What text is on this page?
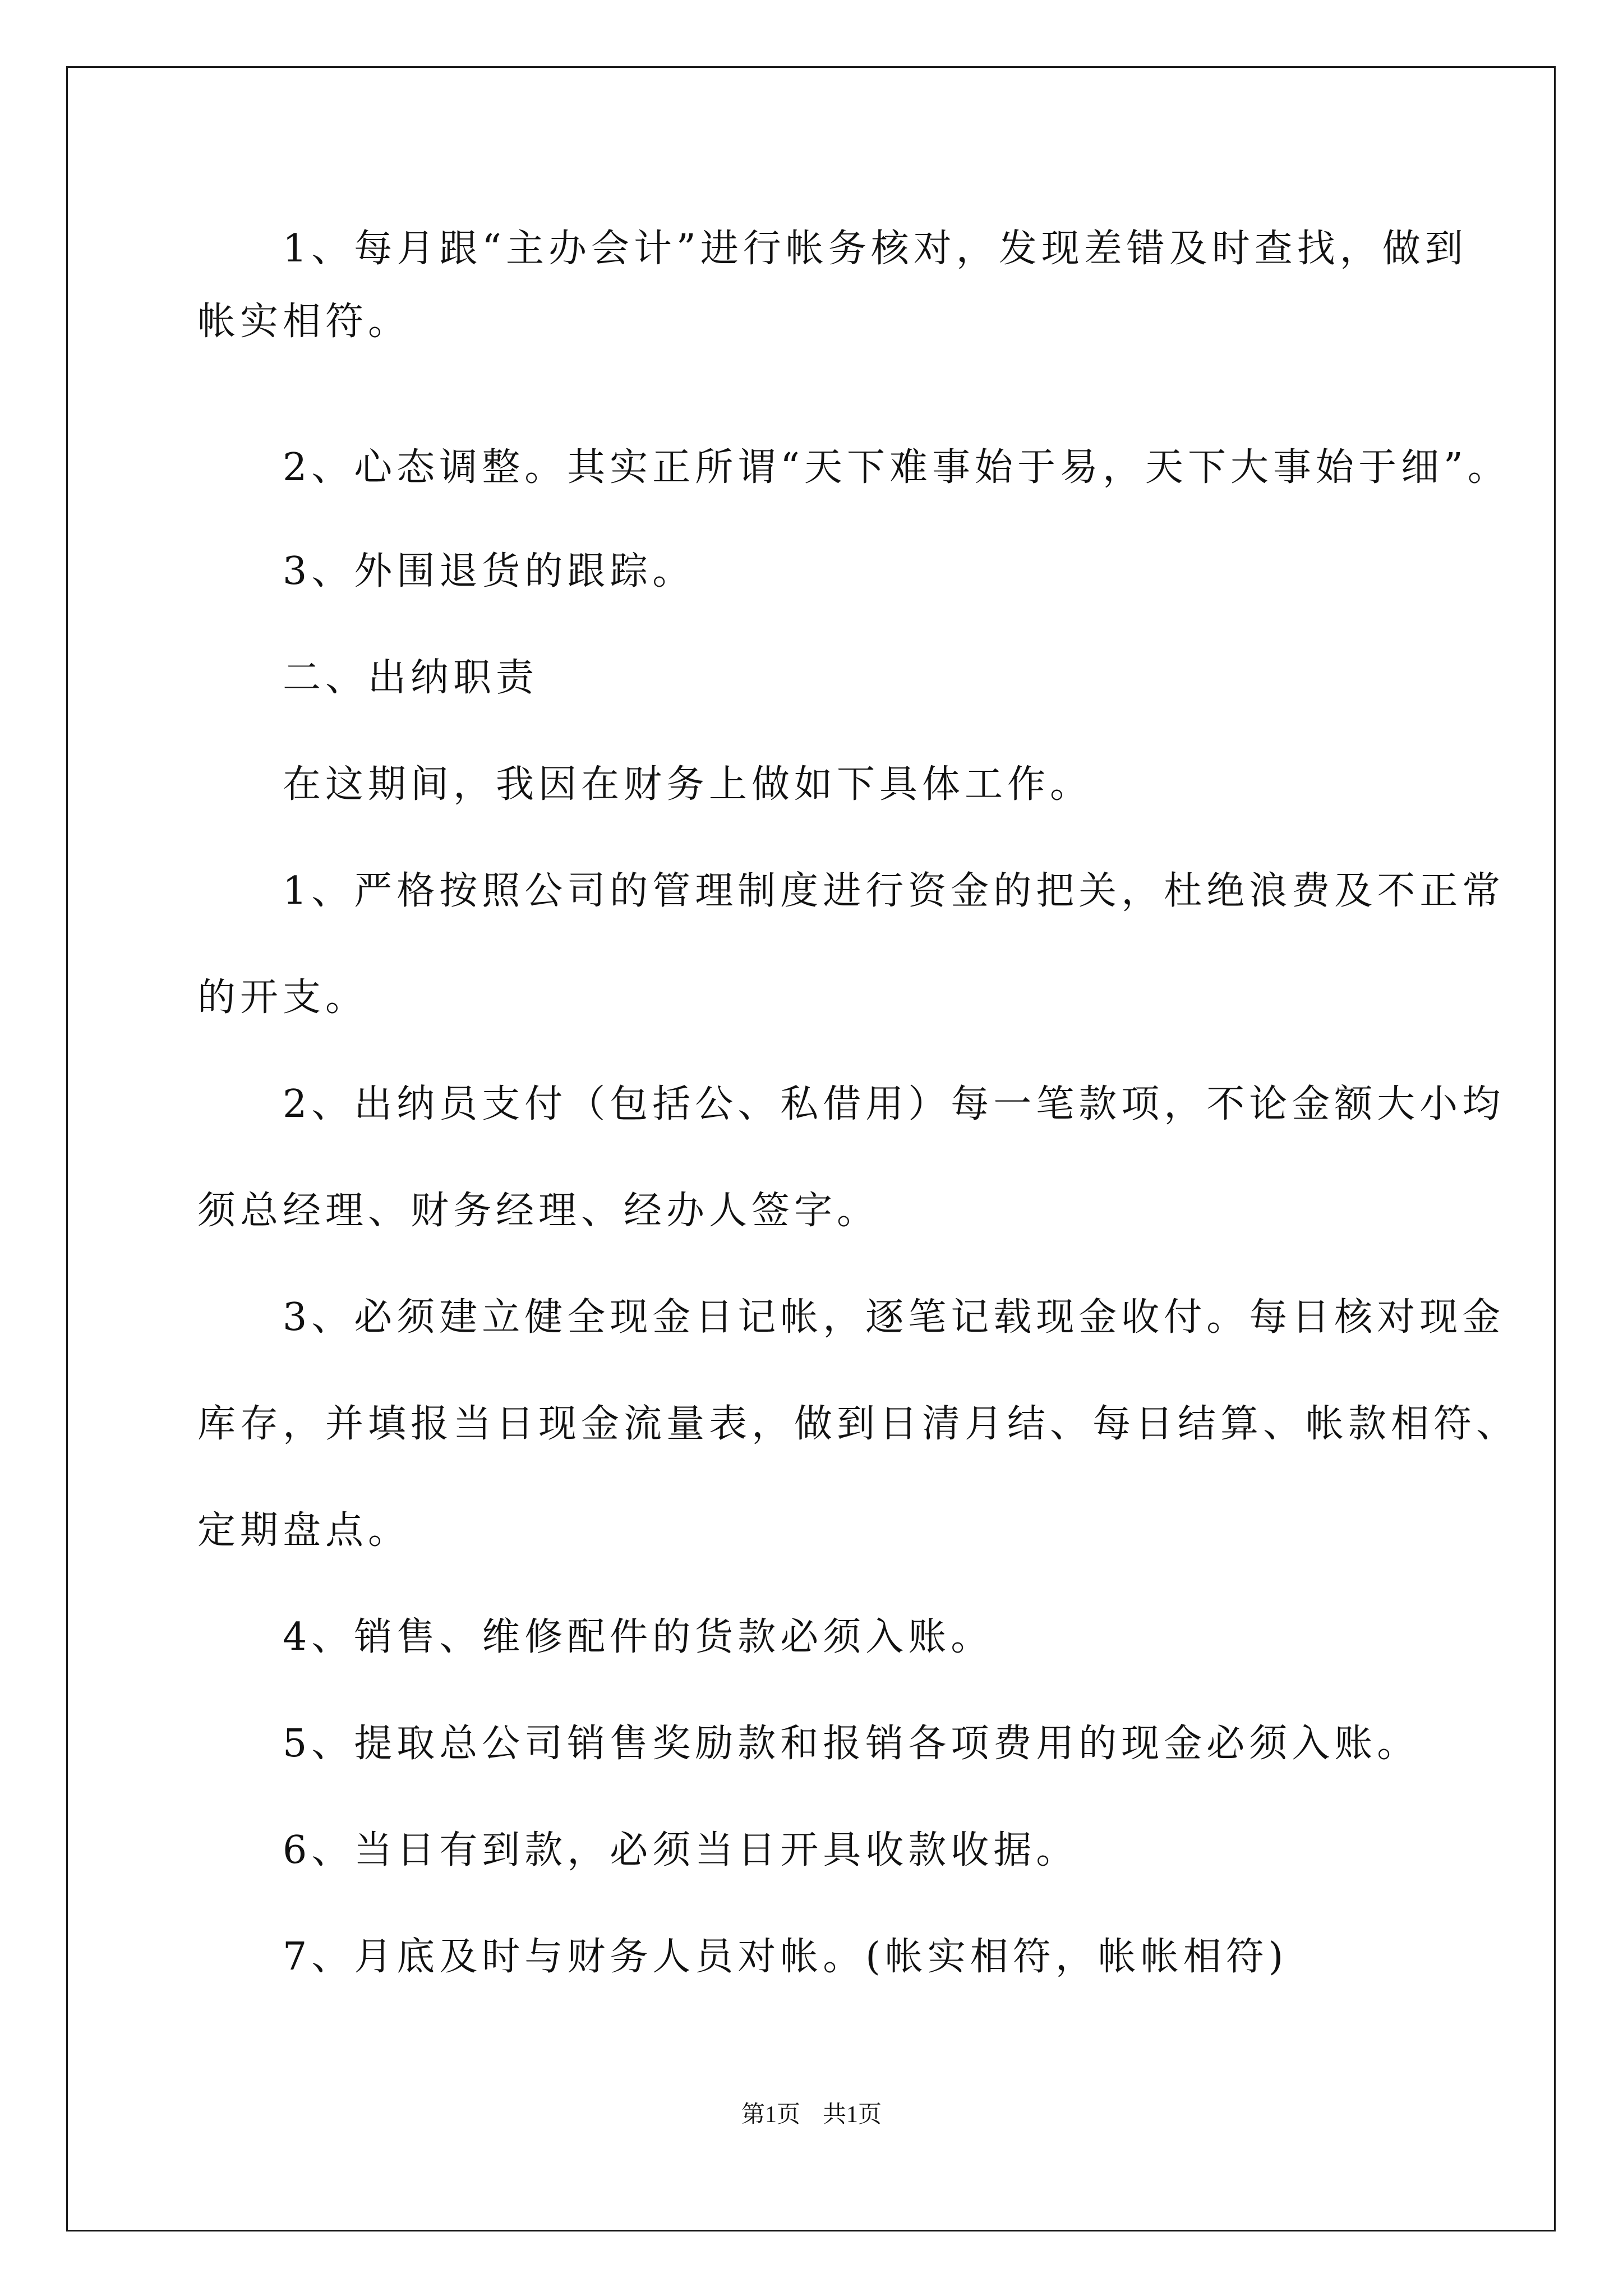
　　1、每月跟“主办会计”进行帐务核对，发现差错及时查找，做到

帐实相符。

　　2、心态调整。其实正所谓“天下难事始于易，天下大事始于细”。

　　3、外围退货的跟踪。

　　二、出纳职责

　　在这期间，我因在财务上做如下具体工作。

　　1、严格按照公司的管理制度进行资金的把关，杜绝浪费及不正常

的开支。

　　2、出纳员支付（包括公、私借用）每一笔款项，不论金额大小均

须总经理、财务经理、经办人签字。

　　3、必须建立健全现金日记帐，逐笔记载现金收付。每日核对现金

库存，并填报当日现金流量表，做到日清月结、每日结算、帐款相符、

定期盘点。

　　4、销售、维修配件的货款必须入账。

　　5、提取总公司销售奖励款和报销各项费用的现金必须入账。

　　6、当日有到款，必须当日开具收款收据。

　　7、月底及时与财务人员对帐。(帐实相符，帐帐相符)

第1页 共1页
